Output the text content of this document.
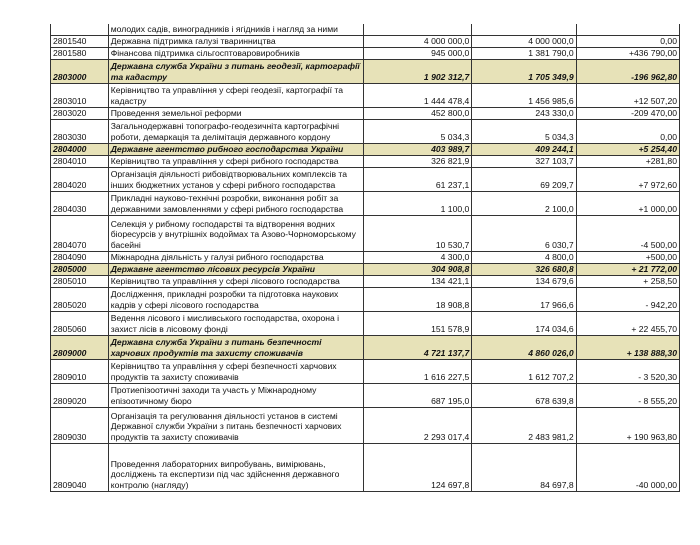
	молодих садів, виноградників і ягідників і нагляд за ними			
2801540	Державна підтримка галузі тваринництва	4 000 000,0	4 000 000,0	0,00
2801580	Фінансова підтримка сільгосптоваровиробників	945 000,0	1 381 790,0	+436 790,00
2803000	Державна служба України з питань геодезії, картографії та кадастру	1 902 312,7	1 705 349,9	-196 962,80
2803010	Керівництво та управління у сфері геодезії, картографії та кадастру	1 444 478,4	1 456 985,6	+12 507,20
2803020	Проведення земельної реформи	452 800,0	243 330,0	-209 470,00
2803030	Загальнодержавні топографо-геодезичнітa картографічні роботи, демаркація та делімітація державного кордону	5 034,3	5 034,3	0,00
2804000	Державне агентство рибного господарства України	403 989,7	409 244,1	+5 254,40
2804010	Керівництво та управління у сфері рибного господарства	326 821,9	327 103,7	+281,80
2804020	Організація діяльності рибовідтворювальних комплексів та інших бюджетних установ у сфері рибного господарства	61 237,1	69 209,7	+7 972,60
2804030	Прикладні науково-технічні розробки, виконання робіт за державними замовленнями у сфері рибного господарства	1 100,0	2 100,0	+1 000,00
2804070	Селекція у рибному господарстві та відтворення водних біоресурсів у внутрішніх водоймах та Азово-Чорноморському басейні	10 530,7	6 030,7	-4 500,00
2804090	Міжнародна діяльність у галузі рибного господарства	4 300,0	4 800,0	+500,00
2805000	Державне агентство лісових ресурсів України	304 908,8	326 680,8	+ 21 772,00
2805010	Керівництво та управління у сфері лісового господарства	134 421,1	134 679,6	+ 258,50
2805020	Дослідження, прикладні розробки та підготовка наукових кадрів у сфері лісового господарства	18 908,8	17 966,6	- 942,20
2805060	Ведення лісового і мисливського господарства, охорона і захист лісів в лісовому фонді	151 578,9	174 034,6	+ 22 455,70
2809000	Державна служба України з питань безпечності харчових продуктів та захисту споживачів	4 721 137,7	4 860 026,0	+ 138 888,30
2809010	Керівництво та управління у сфері безпечності харчових продуктів та захисту споживачів	1 616 227,5	1 612 707,2	- 3 520,30
2809020	Протиепізоотичні заходи та участь у Міжнародному епізоотичному бюро	687 195,0	678 639,8	- 8 555,20
2809030	Організація та регулювання діяльності установ в системі Державної служби України з питань безпечності харчових продуктів та захисту споживачів	2 293 017,4	2 483 981,2	+ 190 963,80
2809040	Проведення лабораторних випробувань, вимірювань, досліджень та експертизи під час здійснення державного контролю (нагляду)	124 697,8	84 697,8	-40 000,00
